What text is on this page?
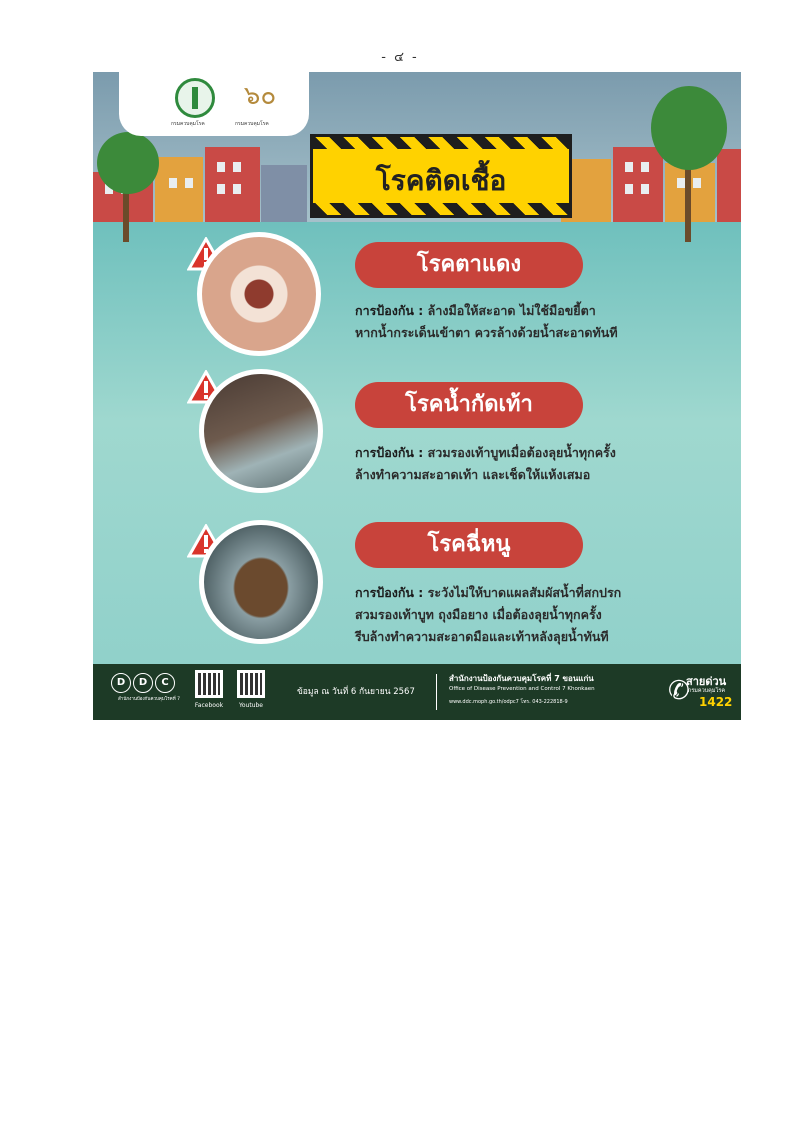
- ๔ -
๖๐
กรมควบคุมโรค	กรมควบคุมโรค
โรคติดเชื้อ
โรคตาแดง
การป้องกัน : ล้างมือให้สะอาด ไม่ใช้มือขยี้ตา
หากน้ำกระเด็นเข้าตา ควรล้างด้วยน้ำสะอาดทันที
โรคน้ำกัดเท้า
การป้องกัน : สวมรองเท้าบูทเมื่อต้องลุยน้ำทุกครั้ง
ล้างทำความสะอาดเท้า และเช็ดให้แห้งเสมอ
โรคฉี่หนู
การป้องกัน : ระวังไม่ให้บาดแผลสัมผัสน้ำที่สกปรก
สวมรองเท้าบูท ถุงมือยาง เมื่อต้องลุยน้ำทุกครั้ง
รีบล้างทำความสะอาดมือและเท้าหลังลุยน้ำทันที
D	D	C
สำนักงานป้องกันควบคุมโรคที่ 7
Facebook	Youtube
ข้อมูล ณ วันที่ 6 กันยายน 2567
สำนักงานป้องกันควบคุมโรคที่ 7 ขอนแก่น
Office of Disease Prevention and Control 7 Khonkaen
www.ddc.moph.go.th/odpc7 โทร. 043-222818-9	✆
สายด่วน
กรมควบคุมโรค
1422
